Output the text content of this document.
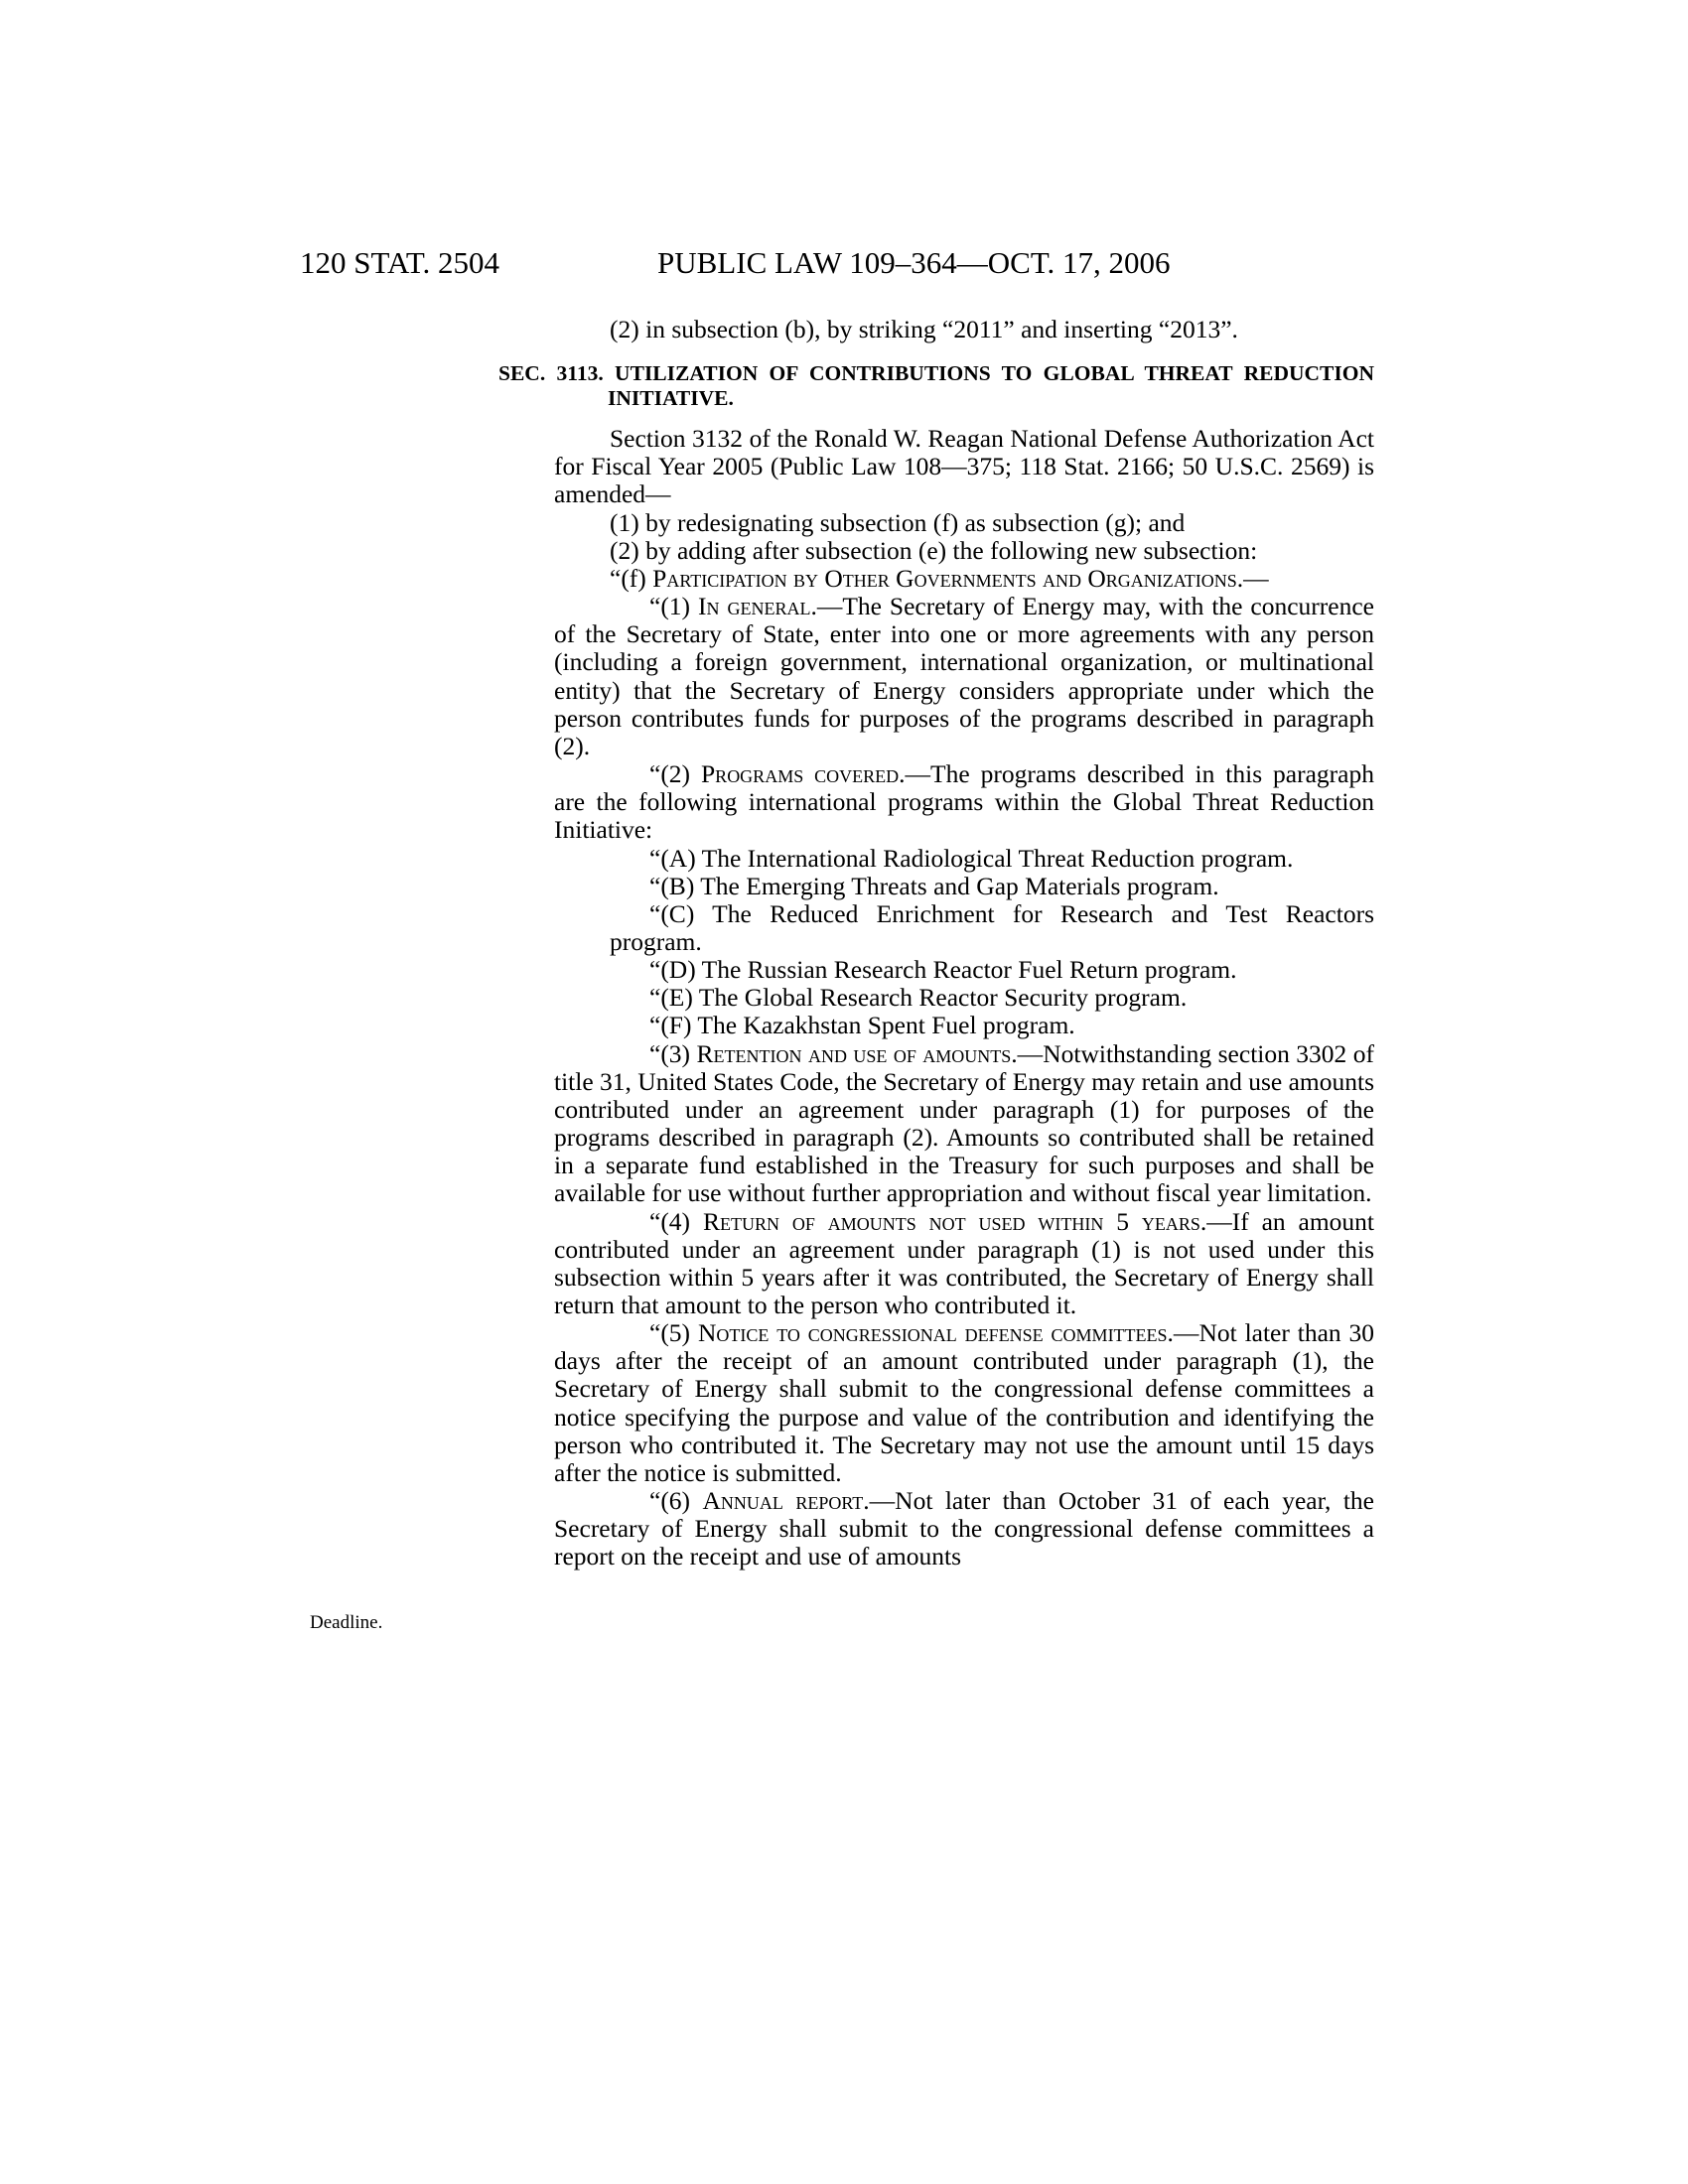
120 STAT. 2504	PUBLIC LAW 109–364—OCT. 17, 2006
Deadline.

(2) in subsection (b), by striking “2011” and inserting “2013”.

SEC. 3113. UTILIZATION OF CONTRIBUTIONS TO GLOBAL THREAT REDUCTION INITIATIVE.

Section 3132 of the Ronald W. Reagan National Defense Authorization Act for Fiscal Year 2005 (Public Law 108—375; 118 Stat. 2166; 50 U.S.C. 2569) is amended—

(1) by redesignating subsection (f) as subsection (g); and

(2) by adding after subsection (e) the following new subsection:

“(f) Participation by Other Governments and Organizations.—

“(1) In general.—The Secretary of Energy may, with the concurrence of the Secretary of State, enter into one or more agreements with any person (including a foreign government, international organization, or multinational entity) that the Secretary of Energy considers appropriate under which the person contributes funds for purposes of the programs described in paragraph (2).

“(2) Programs covered.—The programs described in this paragraph are the following international programs within the Global Threat Reduction Initiative:

“(A) The International Radiological Threat Reduction program.

“(B) The Emerging Threats and Gap Materials program.

“(C) The Reduced Enrichment for Research and Test Reactors program.

“(D) The Russian Research Reactor Fuel Return program.

“(E) The Global Research Reactor Security program.

“(F) The Kazakhstan Spent Fuel program.

“(3) Retention and use of amounts.—Notwithstanding section 3302 of title 31, United States Code, the Secretary of Energy may retain and use amounts contributed under an agreement under paragraph (1) for purposes of the programs described in paragraph (2). Amounts so contributed shall be retained in a separate fund established in the Treasury for such purposes and shall be available for use without further appropriation and without fiscal year limitation.

“(4) Return of amounts not used within 5 years.—If an amount contributed under an agreement under paragraph (1) is not used under this subsection within 5 years after it was contributed, the Secretary of Energy shall return that amount to the person who contributed it.

“(5) Notice to congressional defense committees.—Not later than 30 days after the receipt of an amount contributed under paragraph (1), the Secretary of Energy shall submit to the congressional defense committees a notice specifying the purpose and value of the contribution and identifying the person who contributed it. The Secretary may not use the amount until 15 days after the notice is submitted.

“(6) Annual report.—Not later than October 31 of each year, the Secretary of Energy shall submit to the congressional defense committees a report on the receipt and use of amounts
